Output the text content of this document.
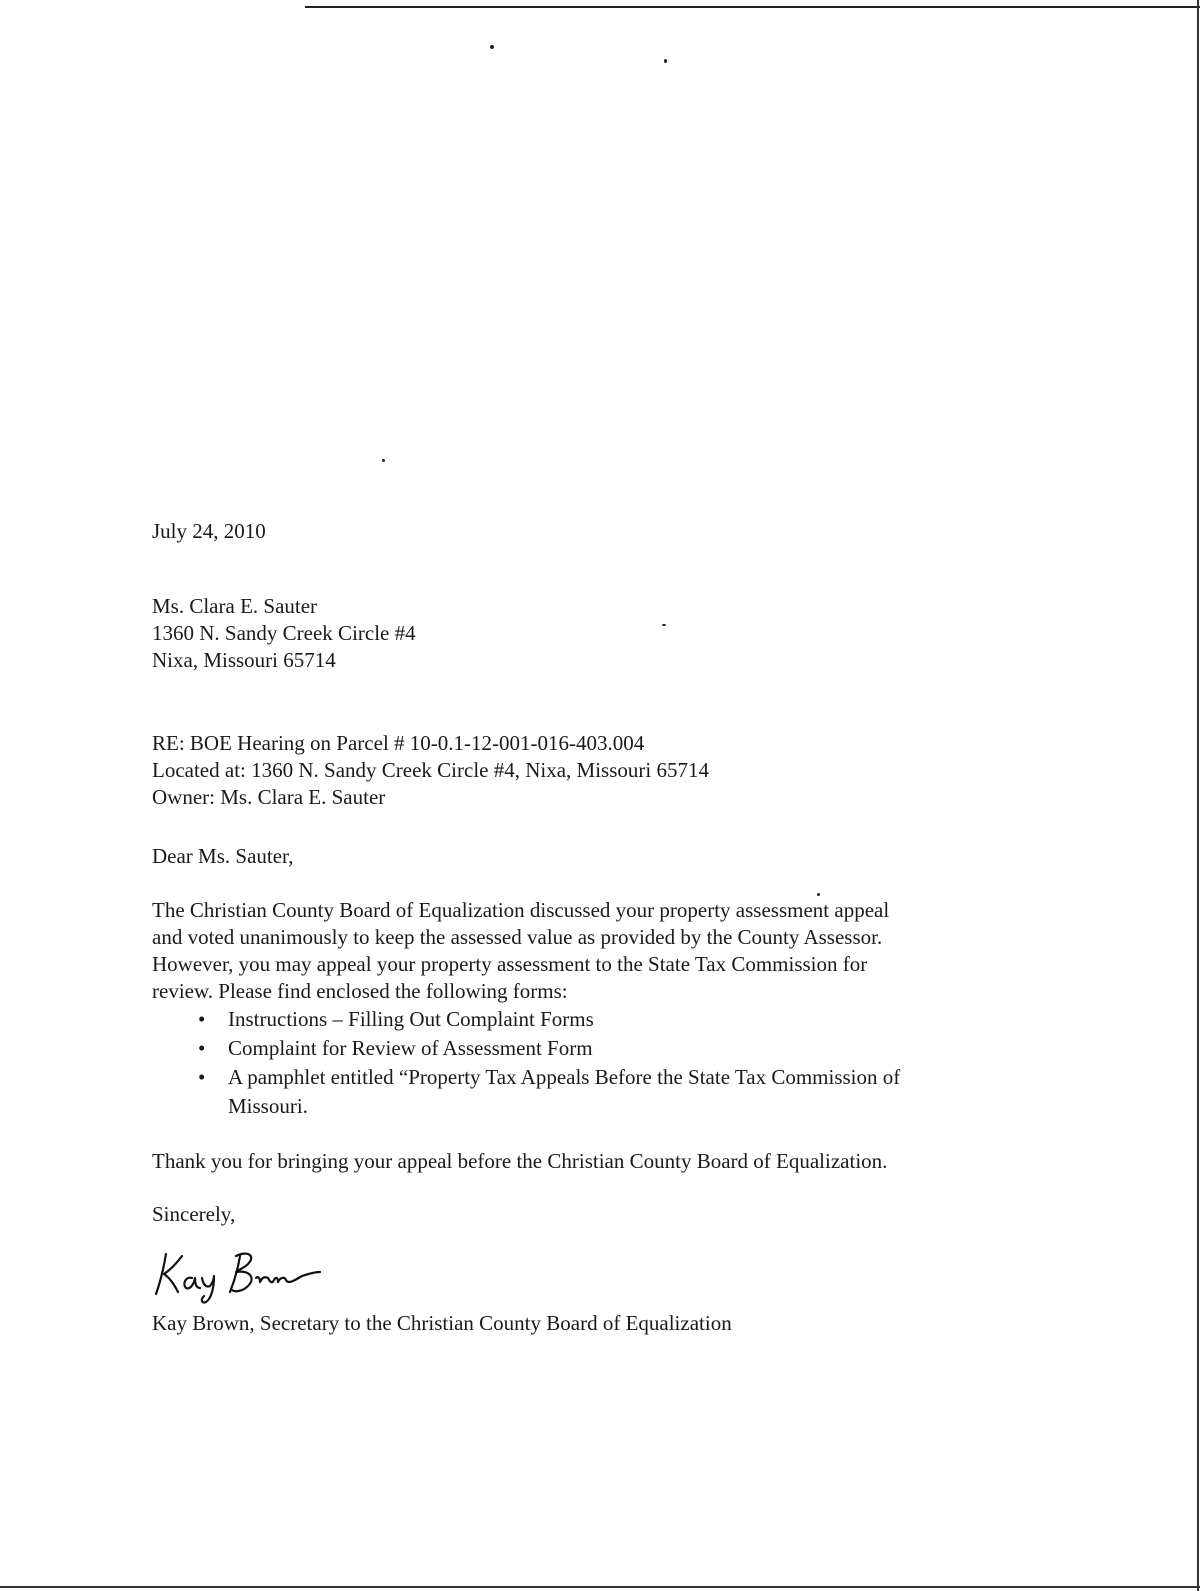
July 24, 2010
Ms. Clara E. Sauter
1360 N. Sandy Creek Circle #4
Nixa, Missouri 65714
RE: BOE Hearing on Parcel # 10-0.1-12-001-016-403.004
Located at: 1360 N. Sandy Creek Circle #4, Nixa, Missouri 65714
Owner: Ms. Clara E. Sauter
Dear Ms. Sauter,
The Christian County Board of Equalization discussed your property assessment appeal
and voted unanimously to keep the assessed value as provided by the County Assessor.
However, you may appeal your property assessment to the State Tax Commission for
review. Please find enclosed the following forms:
• Instructions – Filling Out Complaint Forms
• Complaint for Review of Assessment Form
• A pamphlet entitled “Property Tax Appeals Before the State Tax Commission of
Missouri.
Thank you for bringing your appeal before the Christian County Board of Equalization.
Sincerely,
Kay Brown, Secretary to the Christian County Board of Equalization
